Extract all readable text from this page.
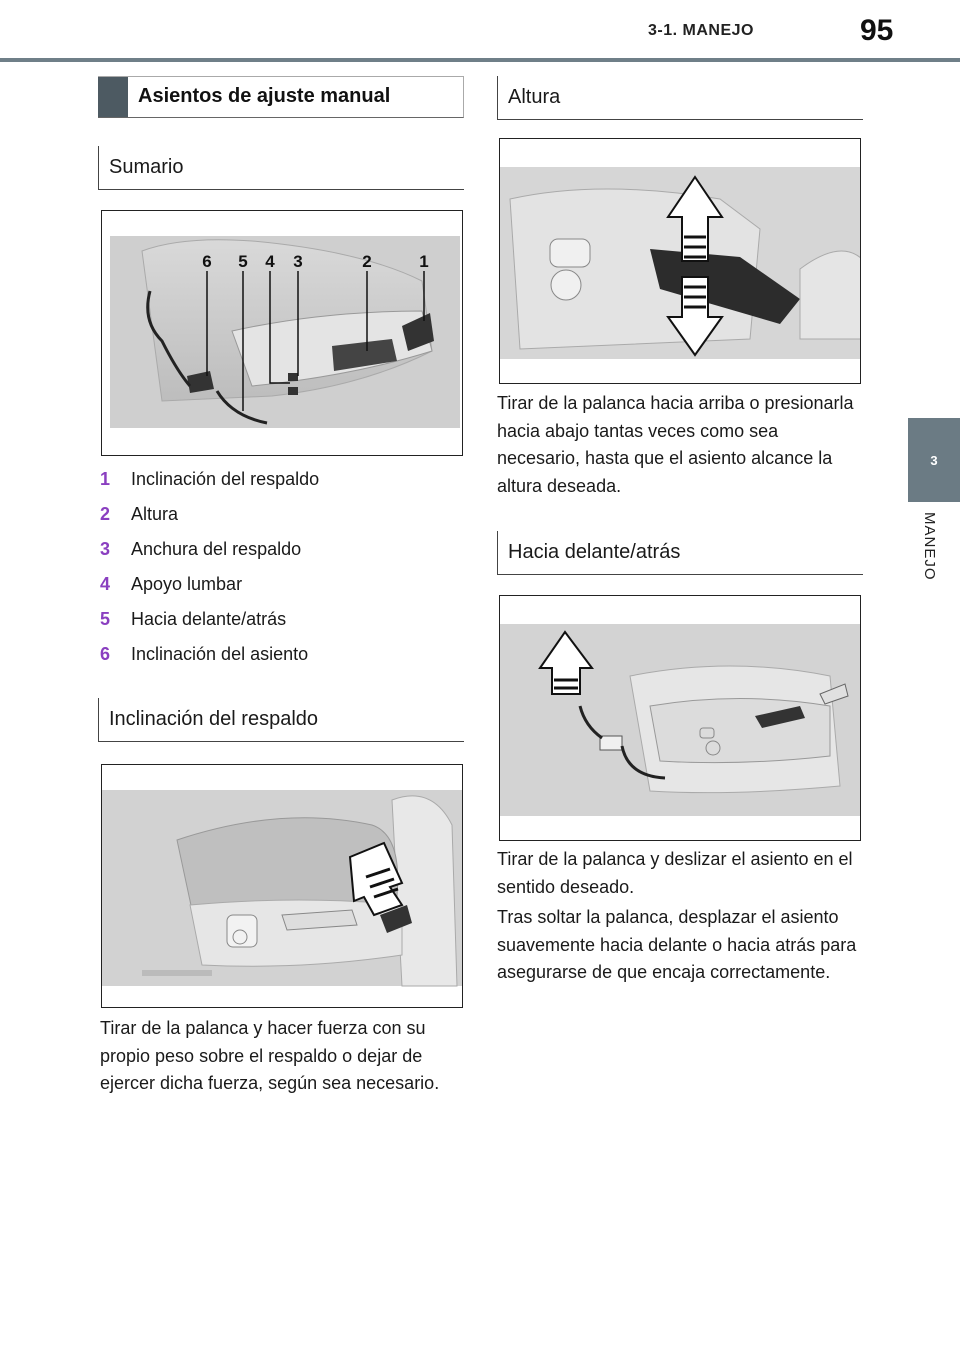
3-1. MANEJO	95
3
MANEJO
Asientos de ajuste manual
Sumario
6 5 4 3	2	1
1	Inclinación del respaldo
2	Altura
3	Anchura del respaldo
4	Apoyo lumbar
5	Hacia delante/atrás
6	Inclinación del asiento
Inclinación del respaldo

Tirar de la palanca y hacer fuerza con su propio peso sobre el respaldo o dejar de ejercer dicha fuerza, según sea necesario.

Altura

Tirar de la palanca hacia arriba o presionarla hacia abajo tantas veces como sea necesario, hasta que el asiento alcance la altura deseada.

Hacia delante/atrás

Tirar de la palanca y deslizar el asiento en el sentido deseado.

Tras soltar la palanca, desplazar el asiento suavemente hacia delante o hacia atrás para asegurarse de que encaja correctamente.
